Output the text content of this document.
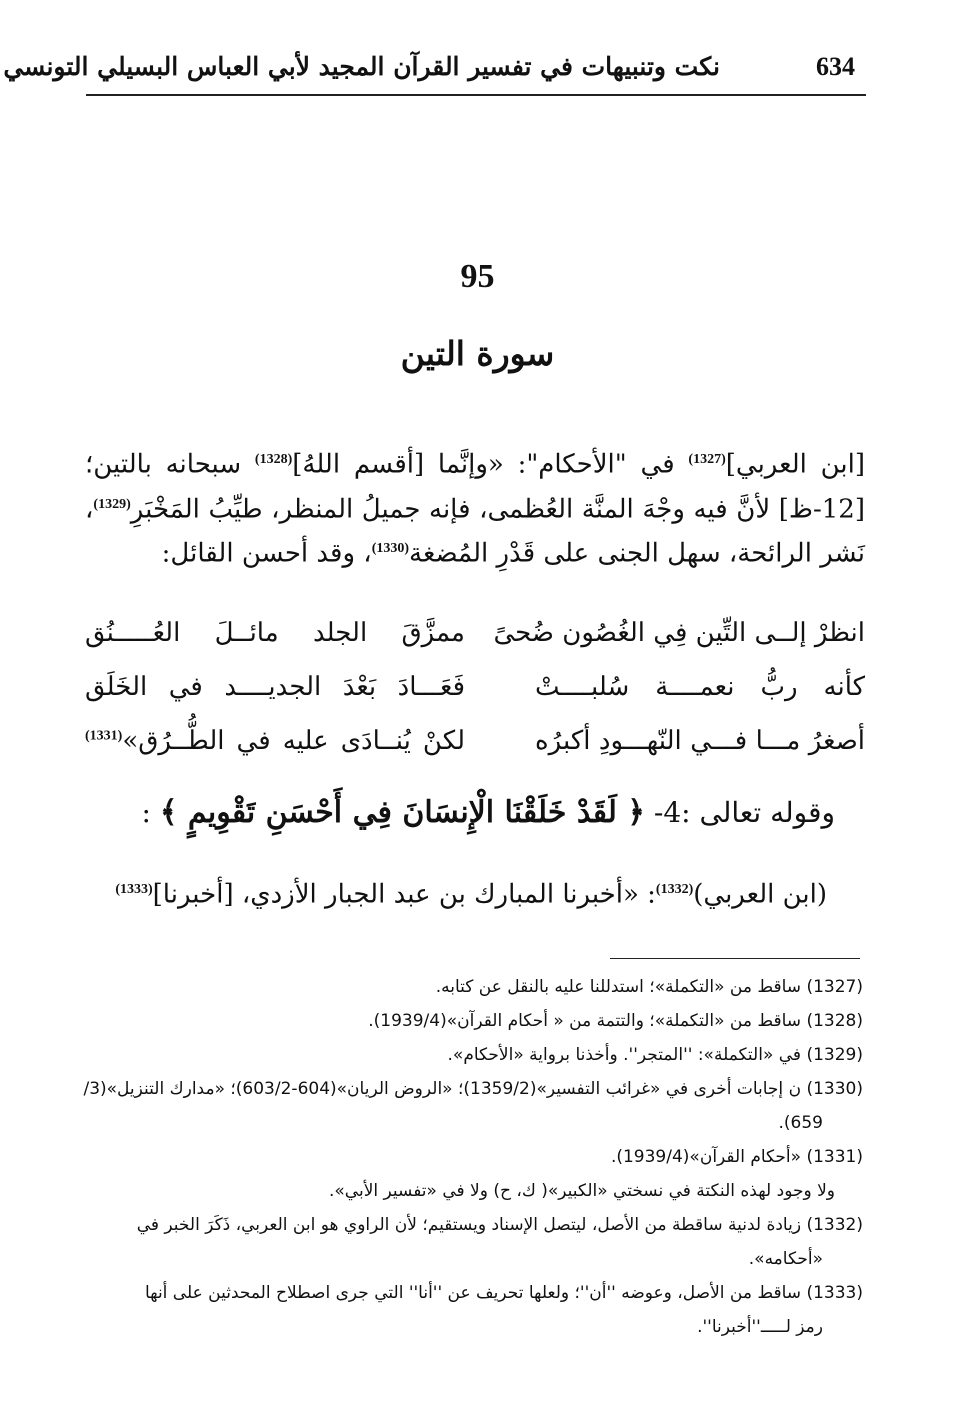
634
نكت وتنبيهات في تفسير القرآن المجيد لأبي العباس البسيلي التونسي
95
سورة التين
[ابن العربي]$^{(1327)}$ في "الأحكام": «وإنَّما [أقسم اللهُ]$^{(1328)}$ سبحانه بالتين؛
[12-ظ] لأنَّ فيه وجْهَ المنَّة العُظمى، فإنه جميلُ المنظر، طيِّبُ المَخْبَرِ$^{(1329)}$،
نَشر الرائحة، سهل الجنى على قَدْرِ المُضغة$^{(1330)}$، وقد أحسن القائل:
انظرْ إلــى التِّين فِي الغُصُون ضُحىً
ممزَّقَ الجلد مائــلَ العُـــــنُق
كأنه ربُّ نعمــــة سُلبــــتْ
فَعَـــادَ بَعْدَ الجديــــد في الخَلَق
أصغرُ مـــا فـــي النّهـــودِ أكبرُه
لكنْ يُنــادَى عليه في الطُّــرُق»$^{(1331)}$
وقوله تعالى :4- ﴿ لَقَدْ خَلَقْنَا الْإِنسَانَ فِي أَحْسَنِ تَقْوِيمٍ ﴾ :
(ابن العربي)$^{(1332)}$: «أخبرنا المبارك بن عبد الجبار الأزدي، [أخبرنا]$^{(1333)}$
(1327) ساقط من «التكملة»؛ استدللنا عليه بالنقل عن كتابه.
(1328) ساقط من «التكملة»؛ والتتمة من « أحكام القرآن»(1939/4).
(1329) في «التكملة»: ''المتجر''. وأخذنا برواية «الأحكام».
(1330) ن إجابات أخرى في «غرائب التفسير»(1359/2)؛ «الروض الريان»(604-603/2)؛ «مدارك التنزيل»(3/
659).
(1331) «أحكام القرآن»(1939/4).
ولا وجود لهذه النكتة في نسختي «الكبير»( ك، ح) ولا في «تفسير الأبي».
(1332) زيادة لدنية ساقطة من الأصل، ليتصل الإسناد ويستقيم؛ لأن الراوي هو ابن العربي، ذَكَرَ الخبر في
«أحكامه».
(1333) ساقط من الأصل، وعوضه ''أن''؛ ولعلها تحريف عن ''أنا'' التي جرى اصطلاح المحدثين على أنها
رمز لـــــ''أخبرنا''.
